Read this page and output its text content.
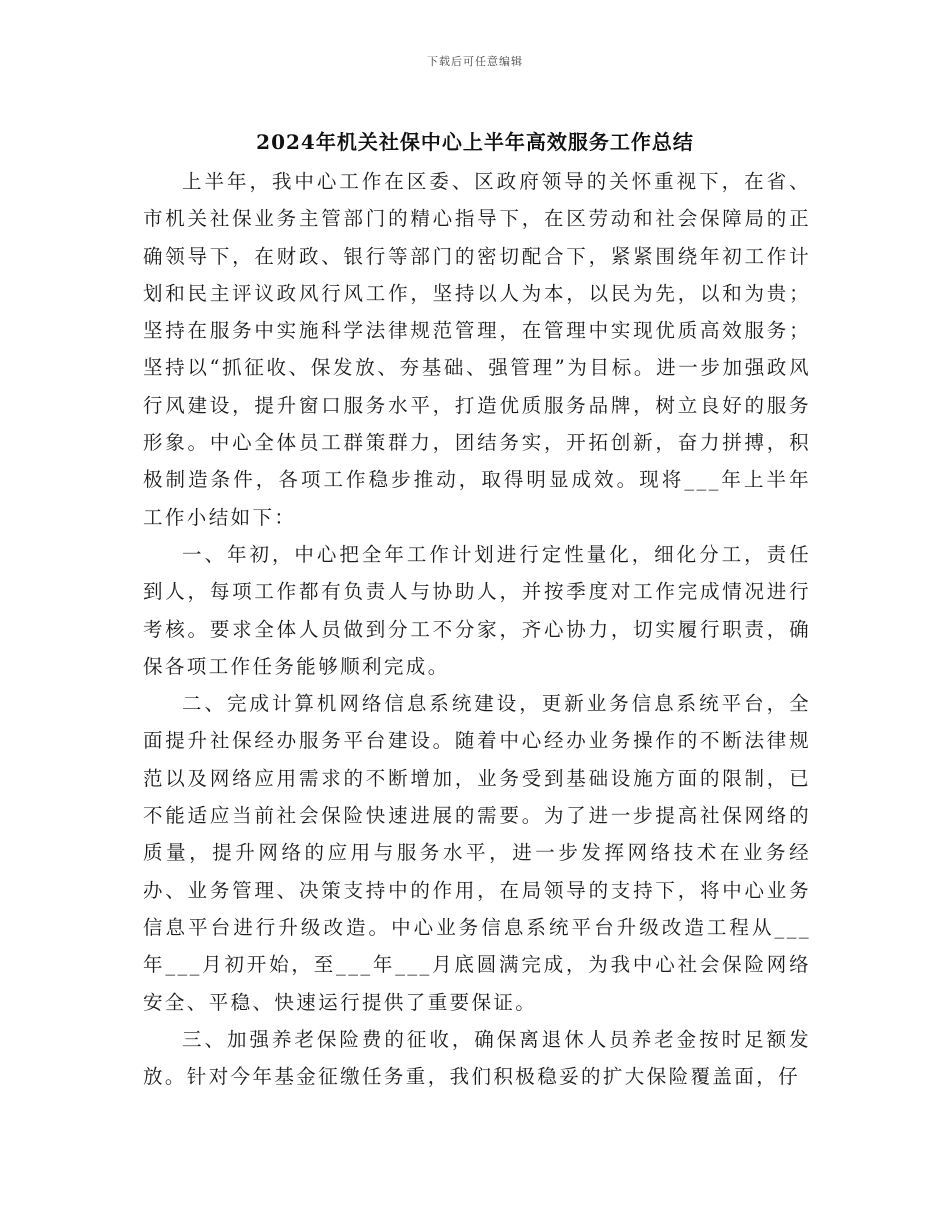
下载后可任意编辑
2024年机关社保中心上半年高效服务工作总结

上半年，我中心工作在区委、区政府领导的关怀重视下，在省、市机关社保业务主管部门的精心指导下，在区劳动和社会保障局的正确领导下，在财政、银行等部门的密切配合下，紧紧围绕年初工作计划和民主评议政风行风工作，坚持以人为本，以民为先，以和为贵；坚持在服务中实施科学法律规范管理，在管理中实现优质高效服务；坚持以“抓征收、保发放、夯基础、强管理”为目标。进一步加强政风行风建设，提升窗口服务水平，打造优质服务品牌，树立良好的服务形象。中心全体员工群策群力，团结务实，开拓创新，奋力拼搏，积极制造条件，各项工作稳步推动，取得明显成效。现将___年上半年工作小结如下：

一、年初，中心把全年工作计划进行定性量化，细化分工，责任到人，每项工作都有负责人与协助人，并按季度对工作完成情况进行考核。要求全体人员做到分工不分家，齐心协力，切实履行职责，确保各项工作任务能够顺利完成。

二、完成计算机网络信息系统建设，更新业务信息系统平台，全面提升社保经办服务平台建设。随着中心经办业务操作的不断法律规范以及网络应用需求的不断增加，业务受到基础设施方面的限制，已不能适应当前社会保险快速进展的需要。为了进一步提高社保网络的质量，提升网络的应用与服务水平，进一步发挥网络技术在业务经办、业务管理、决策支持中的作用，在局领导的支持下，将中心业务信息平台进行升级改造。中心业务信息系统平台升级改造工程从___年___月初开始，至___年___月底圆满完成，为我中心社会保险网络安全、平稳、快速运行提供了重要保证。

三、加强养老保险费的征收，确保离退休人员养老金按时足额发放。针对今年基金征缴任务重，我们积极稳妥的扩大保险覆盖面，仔
